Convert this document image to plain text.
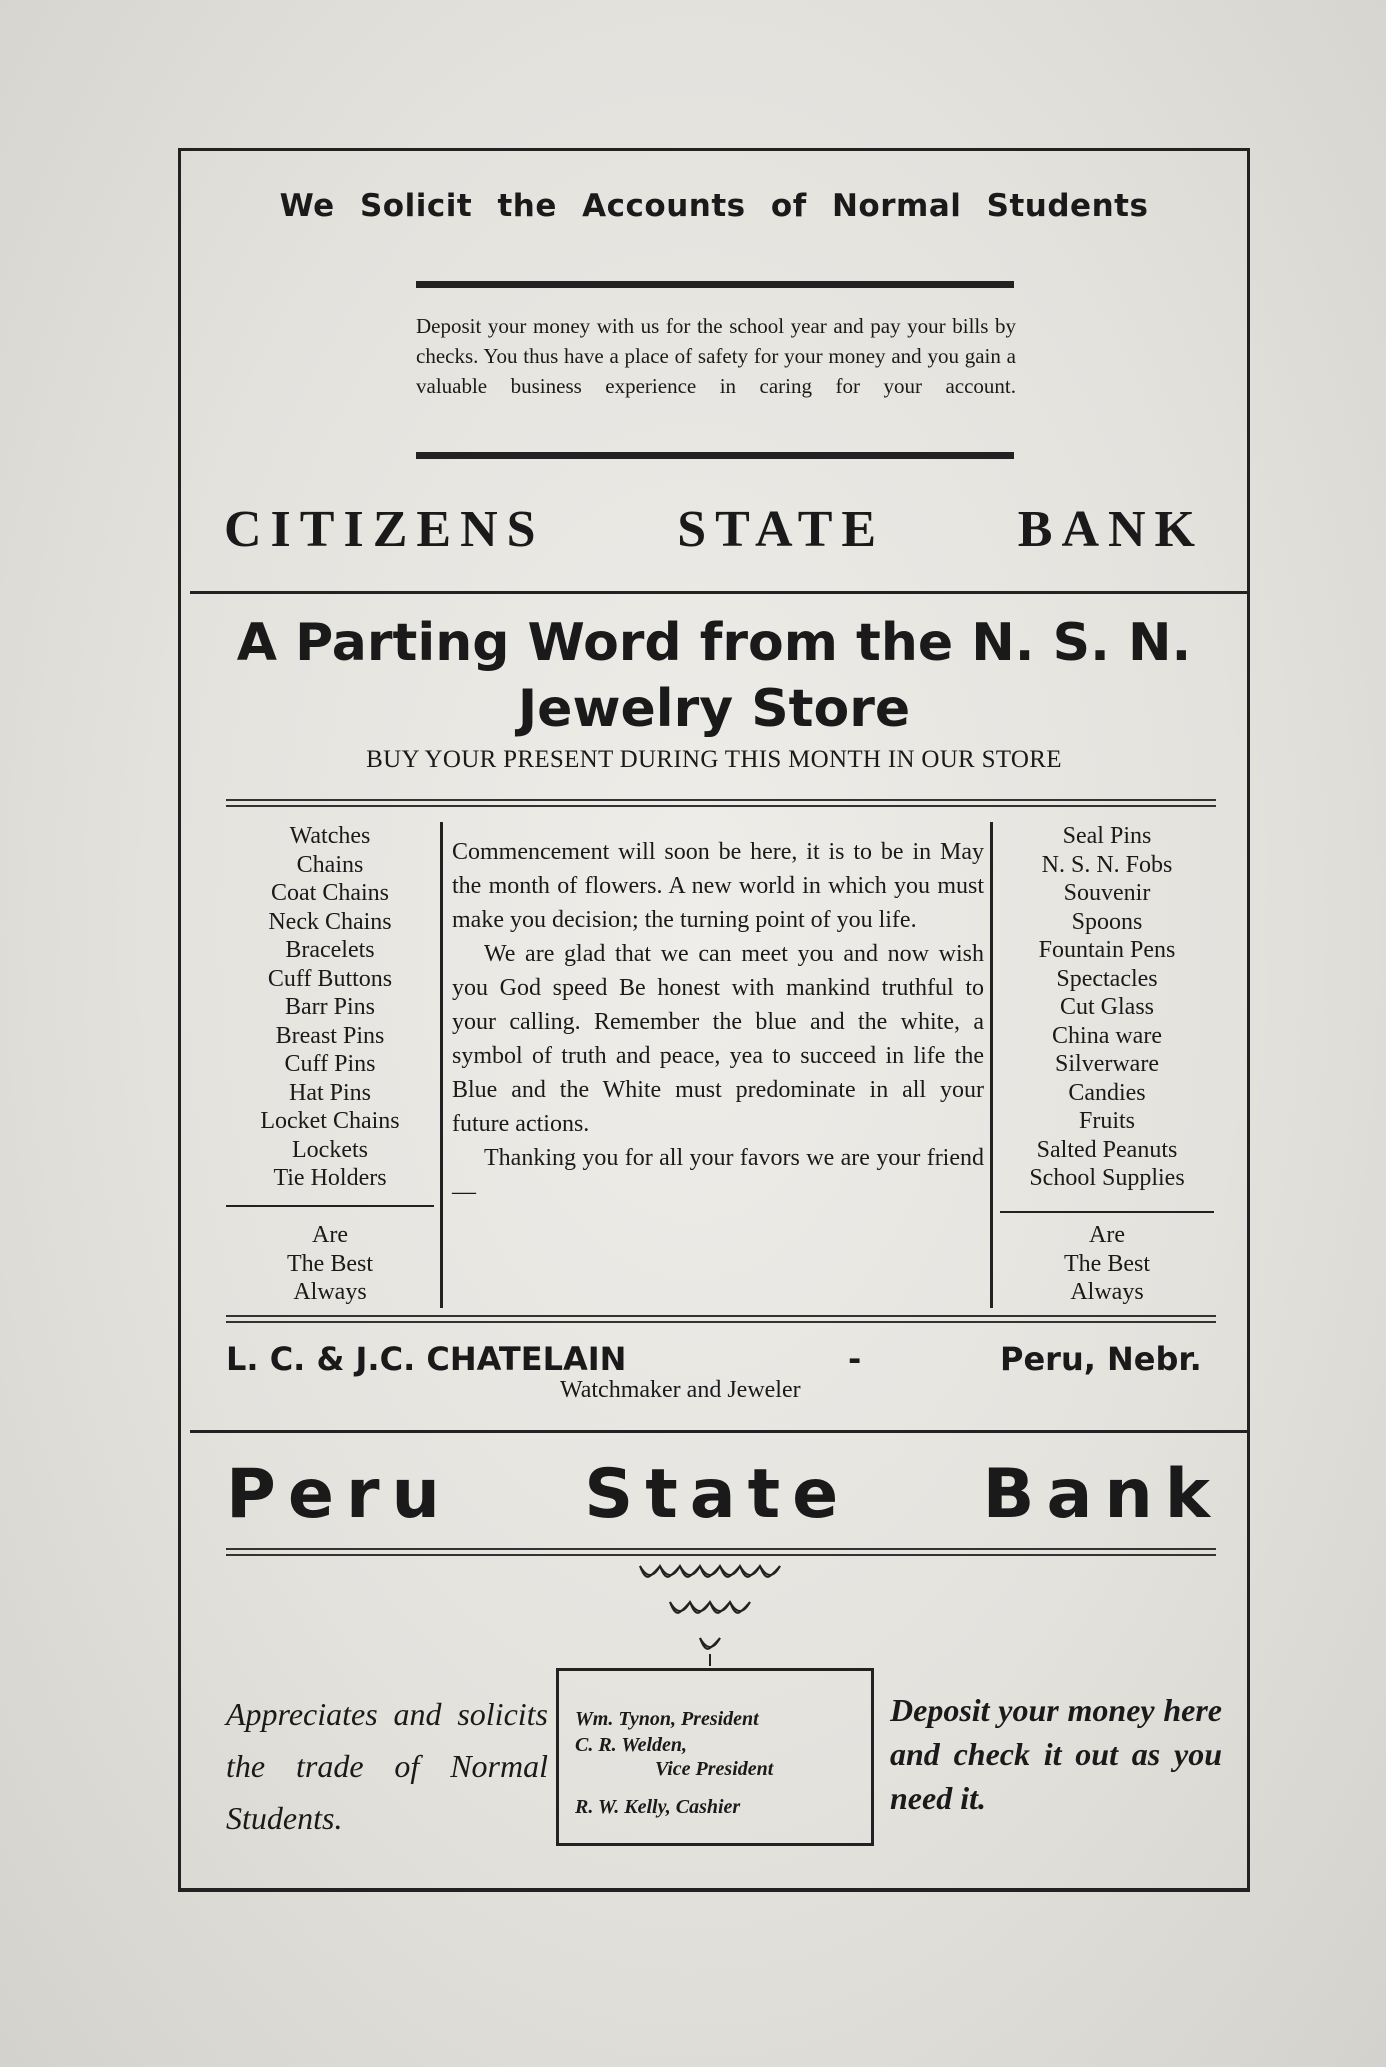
We Solicit the Accounts of Normal Students
Deposit your money with us for the school year and pay your bills by checks. You thus have a place of safety for your money and you gain a valuable business experience in caring for your account.
CITIZENS STATE BANK
A Parting Word from the N. S. N.
Jewelry Store
BUY YOUR PRESENT DURING THIS MONTH IN OUR STORE
Watches
Chains
Coat Chains
Neck Chains
Bracelets
Cuff Buttons
Barr Pins
Breast Pins
Cuff Pins
Hat Pins
Locket Chains
Lockets
Tie Holders
Are
The Best
Always

Commencement will soon be here, it is to be in May the month of flowers. A new world in which you must make you decision; the turning point of you life.

We are glad that we can meet you and now wish you God speed Be honest with mankind truthful to your calling. Remember the blue and the white, a symbol of truth and peace, yea to succeed in life the Blue and the White must predominate in all your future actions.

Thanking you for all your favors we are your friend—

Seal Pins
N. S. N. Fobs
Souvenir
Spoons
Fountain Pens
Spectacles
Cut Glass
China ware
Silverware
Candies
Fruits
Salted Peanuts
School Supplies
Are
The Best
Always
L. C. & J.C. CHATELAIN	-	Peru, Nebr.
Watchmaker and Jeweler
Peru State Bank
Appreciates and solicits the trade of Normal Students.
Wm. Tynon, President
C. R. Welden,
Vice President
R. W. Kelly, Cashier
Deposit your money here and check it out as you need it.
